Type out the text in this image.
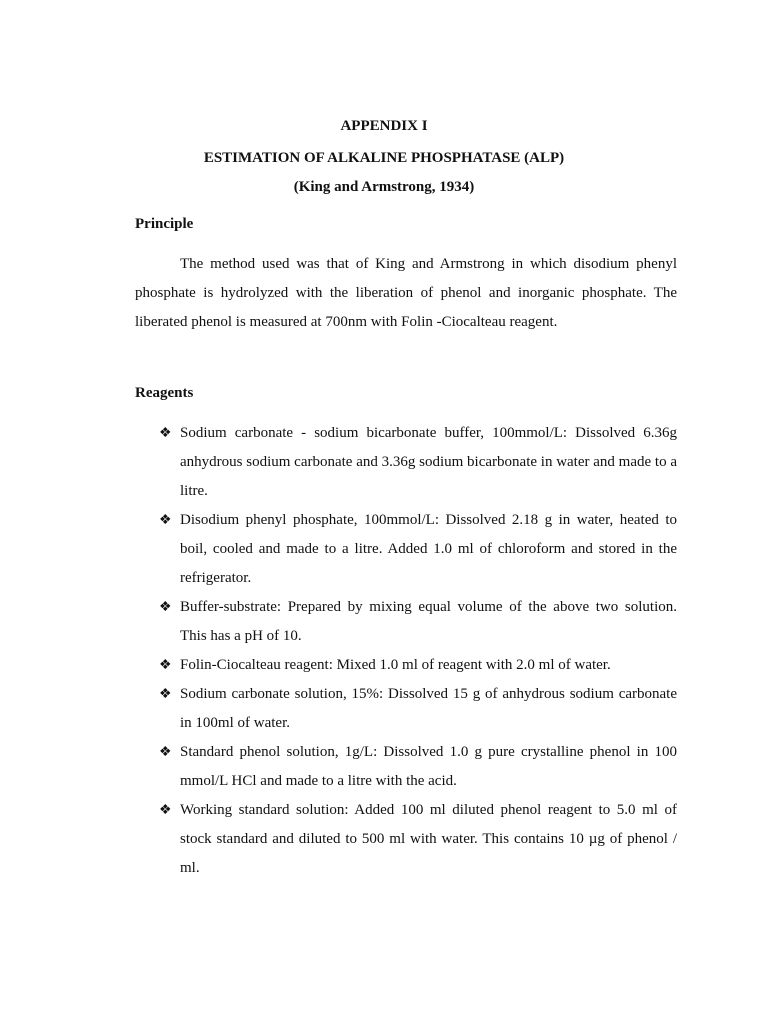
APPENDIX I

ESTIMATION OF ALKALINE PHOSPHATASE (ALP)

(King and Armstrong, 1934)

Principle

The method used was that of King and Armstrong in which disodium phenyl phosphate is hydrolyzed with the liberation of phenol and inorganic phosphate. The liberated phenol is measured at 700nm with Folin -Ciocalteau reagent.

Reagents

❖ Sodium carbonate - sodium bicarbonate buffer, 100mmol/L: Dissolved 6.36g anhydrous sodium carbonate and 3.36g sodium bicarbonate in water and made to a litre.
❖ Disodium phenyl phosphate, 100mmol/L: Dissolved 2.18 g in water, heated to boil, cooled and made to a litre. Added 1.0 ml of chloroform and stored in the refrigerator.
❖ Buffer-substrate: Prepared by mixing equal volume of the above two solution. This has a pH of 10.
❖ Folin-Ciocalteau reagent: Mixed 1.0 ml of reagent with 2.0 ml of water.
❖ Sodium carbonate solution, 15%: Dissolved 15 g of anhydrous sodium carbonate in 100ml of water.
❖ Standard phenol solution, 1g/L: Dissolved 1.0 g pure crystalline phenol in 100 mmol/L HCl and made to a litre with the acid.
❖ Working standard solution: Added 100 ml diluted phenol reagent to 5.0 ml of stock standard and diluted to 500 ml with water. This contains 10 µg of phenol / ml.
